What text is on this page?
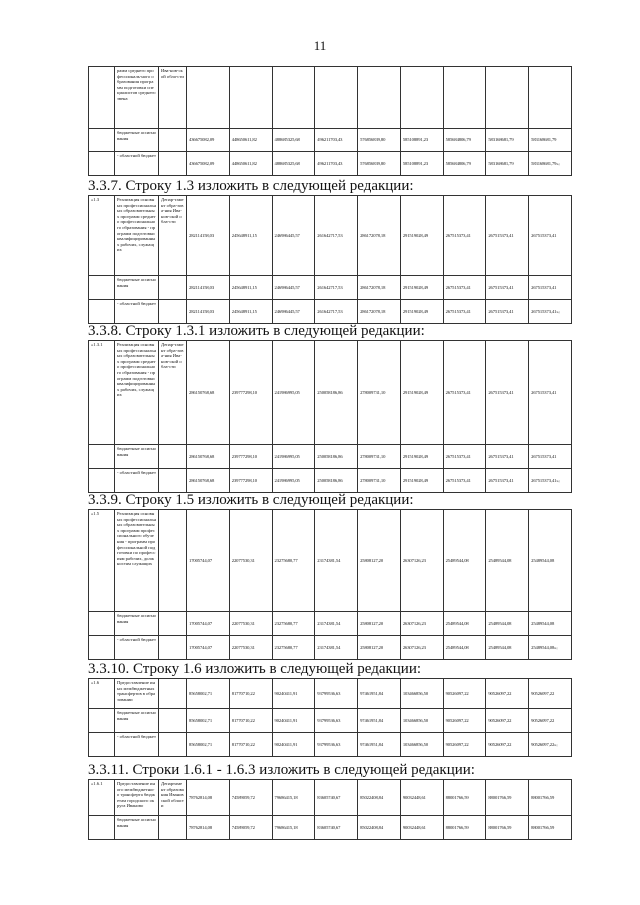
11
	рамм среднего профессиональ-ного образования программ подготовки специалистов среднего звена	Ива-нов-ской обла-сти									
	бюджетные ассигнования		436675082,09	448650611,82	488685325,68	496211703,43	576856839,80	585108891,23	585684806,79	583168681,79	583168681,79
	- областной бюджет		436675082,09	448650611,82	488685325,68	496211703,43	576856839,80	585108891,23	585684806,79	583168681,79	583168681,79»;
3.3.7. Строку 1.3 изложить в следующей редакции:
«1.3	Реализация основных профессиональных образовательных программ среднего профессионального образования - программ подготовки квалифицированных рабочих, служащих	Депар-тамент обра-зова-ния Ива-нов-ской обла-сти	282114158,03	245648911,15	246986445,57	261642717,53	286172078,18	291519028,49	267515373,41	267515373,41	267515373,41
	бюджетные ассигнования		282114158,03	245648911,15	246986445,57	261642717,53	286172078,18	291519028,49	267515373,41	267515373,41	267515373,41
	- областной бюджет		282114158,03	245648911,15	246986445,57	261642717,53	286172078,18	291519028,49	267515373,41	267515373,41	267515373,41»;
3.3.8. Строку 1.3.1 изложить в следующей редакции:
«1.3.1	Реализация основных профессиональных образовательных программ среднего профессионального образования - программ подготовки квалифицированных рабочих, служащих	Депар-тамент обра-зова-ния Ива-нов-ской обла-сти	286150768,68	239777298,10	241986995,05	250058186,86	278009731,10	291519028,49	267515373,41	267515373,41	267515373,41
	бюджетные ассигнования		286150768,68	239777298,10	241986995,05	250058186,86	278009731,10	291519028,49	267515373,41	267515373,41	267515373,41
	- областной бюджет		286150768,68	239777298,10	241986995,05	250058186,86	278009731,10	291519028,49	267515373,41	267515373,41	267515373,41»;
3.3.9. Строку 1.5 изложить в следующей редакции:
«1.5	Реализация основных профессиональных образовательных программ профессионального обучения - программ профессиональной подготовки по профессиям рабочих, должностям служащих		17005744,07	22077530,31	23275680,77	23174381,54	25808127,20	26307126,23	25489544,08	25489544,08	25489544,08
	бюджетные ассигнования		17005744,07	22077530,31	23275680,77	23174381,54	25808127,20	26307126,23	25489544,08	25489544,08	25489544,08
	- областной бюджет		17005744,07	22077530,31	23275680,77	23174381,54	25808127,20	26307126,23	25489544,08	25489544,08	25489544,08»;
3.3.10. Строку 1.6 изложить в следующей редакции:
«1.6	Предоставление иных межбюджетных трансфертов в образовании		85658002,71	81770710,22	90240411,91	93799536,63	97461951,84	103466856,50	90526097,22	90526097,22	90526097,22
	бюджетные ассигнования		85658002,71	81770710,22	90240411,91	93799536,63	97461951,84	103466856,50	90526097,22	90526097,22	90526097,22
	- областной бюджет		85658002,71	81770710,22	90240411,91	93799536,63	97461951,84	103466856,50	90526097,22	90526097,22	90526097,22»;
3.3.11. Строки 1.6.1 - 1.6.3 изложить в следующей редакции:
«1.6.1	Предоставление иного межбюджетного трансферта бюджетам городского округа Иваново	Департамент образования Ивановской области	78762814,08	74589059,72	79686415,18	83605740,67	85022408,84	90032448,61	88001766,59	88001766,59	88001766,59
	бюджетные ассигнования		78762814,08	74589059,72	79686415,18	83605740,67	85022408,84	90032448,61	88001766,59	88001766,59	88001766,59
